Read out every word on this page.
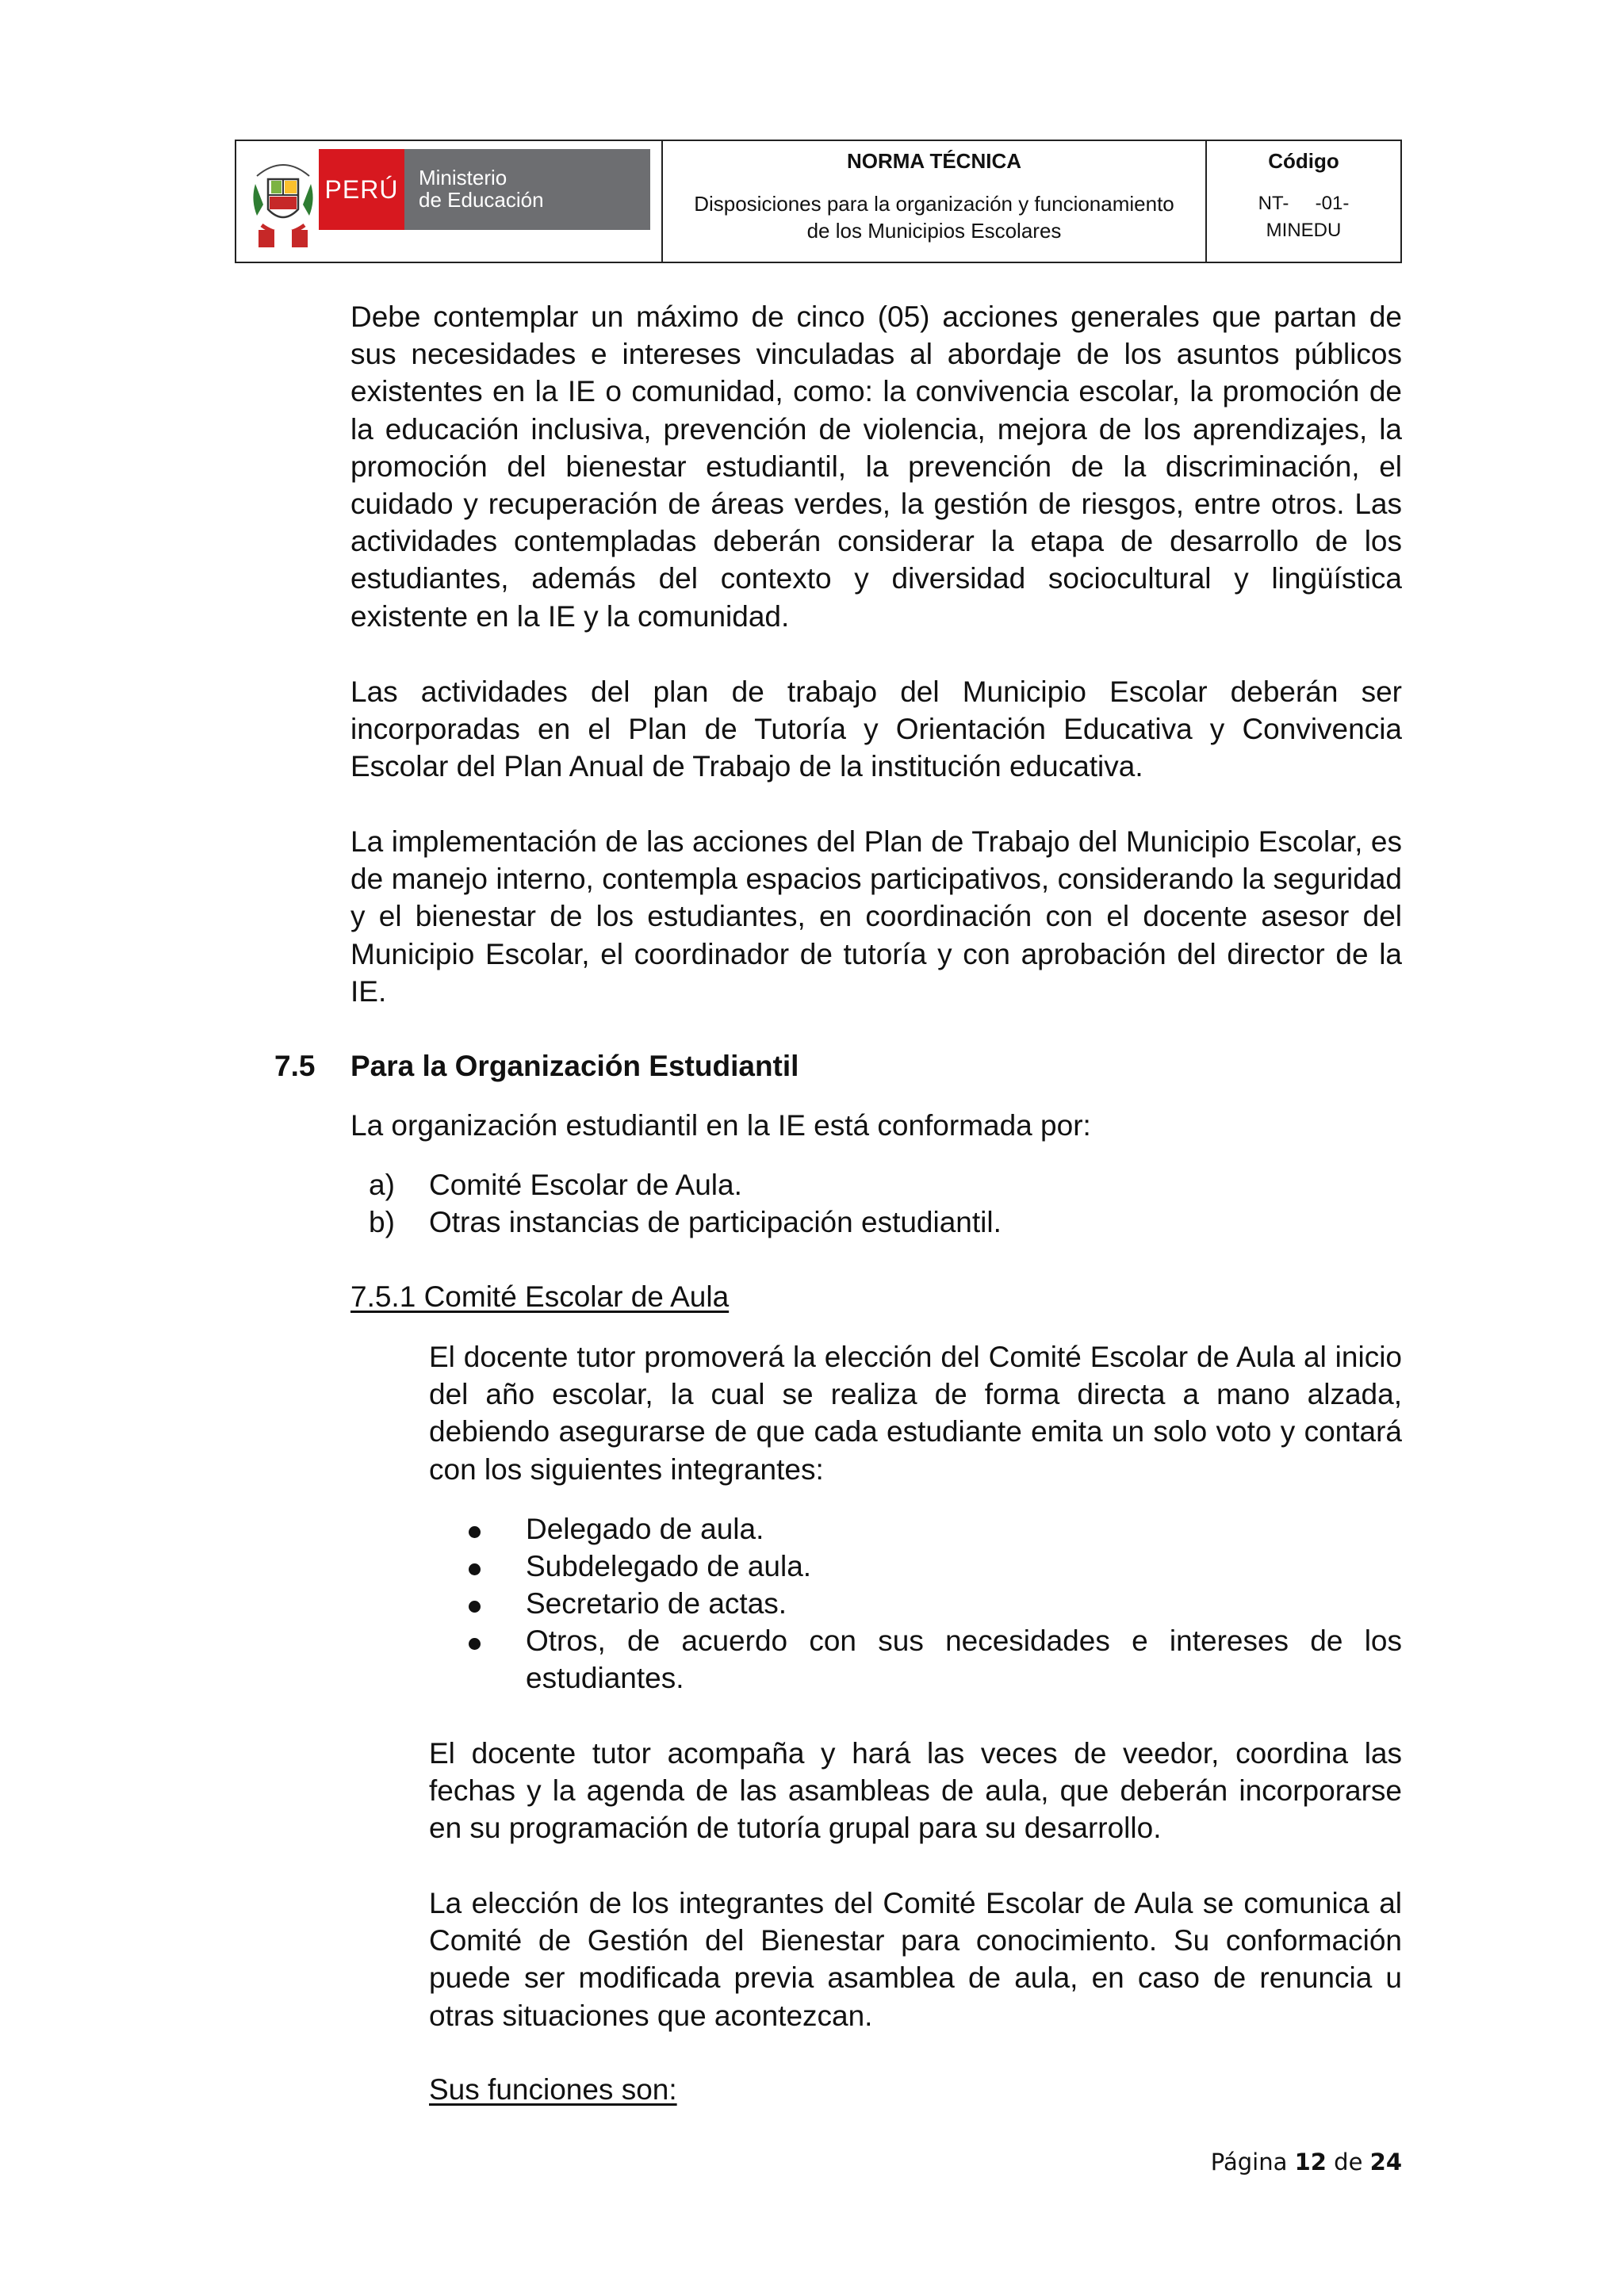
PERÚ Ministerio
de Educación
NORMA TÉCNICA
Disposiciones para la organización y funcionamiento
de los Municipios Escolares
Código
NT-     -01-
MINEDU
Debe contemplar un máximo de cinco (05) acciones generales que partan de sus necesidades e intereses vinculadas al abordaje de los asuntos públicos existentes en la IE o comunidad, como: la convivencia escolar, la promoción de la educación inclusiva, prevención de violencia, mejora de los aprendizajes, la promoción del bienestar estudiantil, la prevención de la discriminación, el cuidado y recuperación de áreas verdes, la gestión de riesgos, entre otros. Las actividades contempladas deberán considerar la etapa de desarrollo de los estudiantes, además del contexto y diversidad sociocultural y lingüística existente en la IE y la comunidad.
Las actividades del plan de trabajo del Municipio Escolar deberán ser incorporadas en el Plan de Tutoría y Orientación Educativa y Convivencia Escolar del Plan Anual de Trabajo de la institución educativa.
La implementación de las acciones del Plan de Trabajo del Municipio Escolar, es de manejo interno, contempla espacios participativos, considerando la seguridad y el bienestar de los estudiantes, en coordinación con el docente asesor del Municipio Escolar, el coordinador de tutoría y con aprobación del director de la IE.
7.5 Para la Organización Estudiantil
La organización estudiantil en la IE está conformada por:
a) Comité Escolar de Aula.
b) Otras instancias de participación estudiantil.
7.5.1 Comité Escolar de Aula
El docente tutor promoverá la elección del Comité Escolar de Aula al inicio del año escolar, la cual se realiza de forma directa a mano alzada, debiendo asegurarse de que cada estudiante emita un solo voto y contará con los siguientes integrantes:
Delegado de aula.
Subdelegado de aula.
Secretario de actas.
Otros, de acuerdo con sus necesidades e intereses de los estudiantes.
El docente tutor acompaña y hará las veces de veedor, coordina las fechas y la agenda de las asambleas de aula, que deberán incorporarse en su programación de tutoría grupal para su desarrollo.
La elección de los integrantes del Comité Escolar de Aula se comunica al Comité de Gestión del Bienestar para conocimiento. Su conformación puede ser modificada previa asamblea de aula, en caso de renuncia u otras situaciones que acontezcan.
Sus funciones son:
Página 12 de 24
